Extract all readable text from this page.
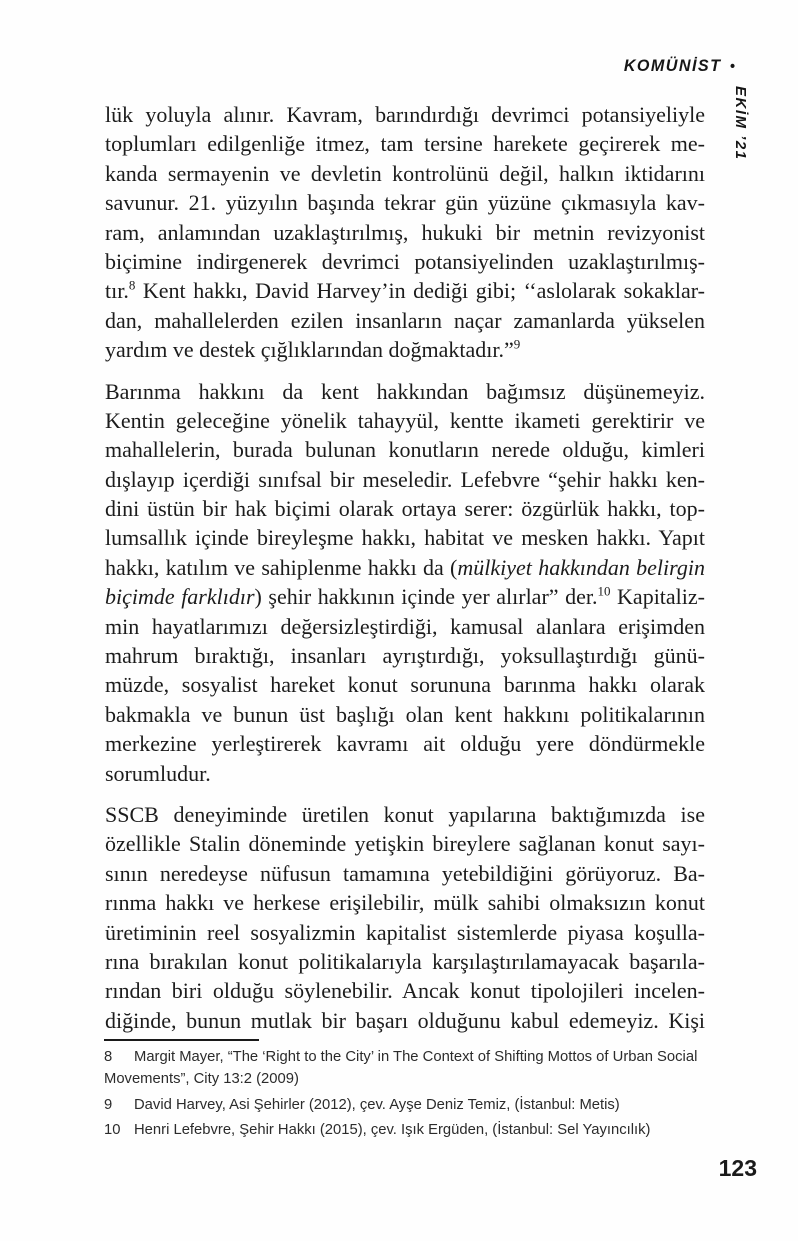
KOMÜNİST •
EKİM ’21
lük yoluyla alınır. Kavram, barındırdığı devrimci potansiyeliyle
toplumları edilgenliğe itmez, tam tersine harekete geçirerek me-
kanda sermayenin ve devletin kontrolünü değil, halkın iktidarını
savunur. 21. yüzyılın başında tekrar gün yüzüne çıkmasıyla kav-
ram, anlamından uzaklaştırılmış, hukuki bir metnin revizyonist
biçimine indirgenerek devrimci potansiyelinden uzaklaştırılmış-
tır.$^8$ Kent hakkı, David Harvey’in dediği gibi; ‘‘aslolarak sokaklar-
dan, mahallelerden ezilen insanların naçar zamanlarda yükselen
yardım ve destek çığlıklarından doğmaktadır.”$^9$
Barınma hakkını da kent hakkından bağımsız düşünemeyiz.
Kentin geleceğine yönelik tahayyül, kentte ikameti gerektirir ve
mahallelerin, burada bulunan konutların nerede olduğu, kimleri
dışlayıp içerdiği sınıfsal bir meseledir. Lefebvre “şehir hakkı ken-
dini üstün bir hak biçimi olarak ortaya serer: özgürlük hakkı, top-
lumsallık içinde bireyleşme hakkı, habitat ve mesken hakkı. Yapıt
hakkı, katılım ve sahiplenme hakkı da (mülkiyet hakkından belirgin
biçimde farklıdır) şehir hakkının içinde yer alırlar” der.$^{10}$ Kapitaliz-
min hayatlarımızı değersizleştirdiği, kamusal alanlara erişimden
mahrum bıraktığı, insanları ayrıştırdığı, yoksullaştırdığı günü-
müzde, sosyalist hareket konut sorununa barınma hakkı olarak
bakmakla ve bunun üst başlığı olan kent hakkını politikalarının
merkezine yerleştirerek kavramı ait olduğu yere döndürmekle
sorumludur.
SSCB deneyiminde üretilen konut yapılarına baktığımızda ise
özellikle Stalin döneminde yetişkin bireylere sağlanan konut sayı-
sının neredeyse nüfusun tamamına yetebildiğini görüyoruz. Ba-
rınma hakkı ve herkese erişilebilir, mülk sahibi olmaksızın konut
üretiminin reel sosyalizmin kapitalist sistemlerde piyasa koşulla-
rına bırakılan konut politikalarıyla karşılaştırılamayacak başarıla-
rından biri olduğu söylenebilir. Ancak konut tipolojileri incelen-
diğinde, bunun mutlak bir başarı olduğunu kabul edemeyiz. Kişi
8 Margit Mayer, “The ‘Right to the City’ in The Context of Shifting Mottos of Urban Social Movements”, City 13:2 (2009)
9 David Harvey, Asi Şehirler (2012), çev. Ayşe Deniz Temiz, (İstanbul: Metis)
10 Henri Lefebvre, Şehir Hakkı (2015), çev. Işık Ergüden, (İstanbul: Sel Yayıncılık)
123
